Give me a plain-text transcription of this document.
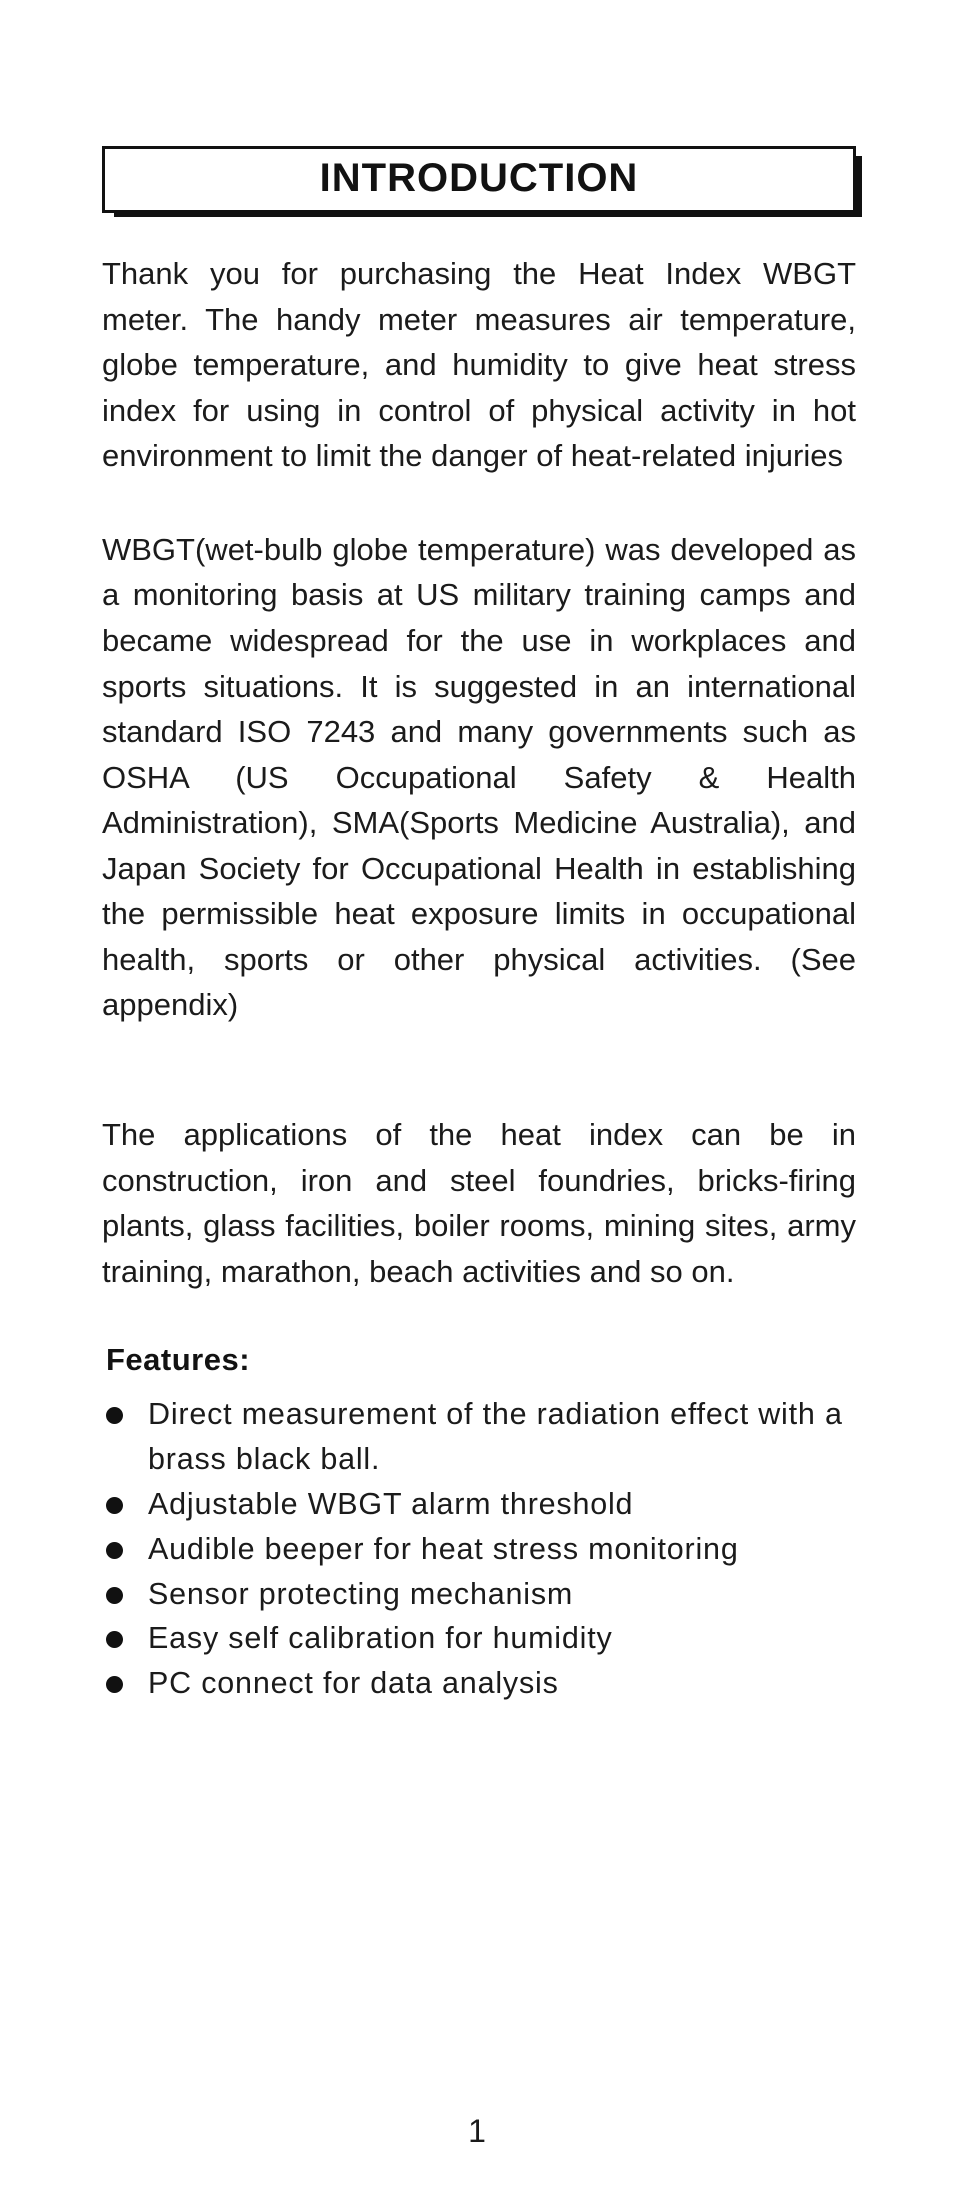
INTRODUCTION

Thank you for purchasing the Heat Index WBGT meter. The handy meter measures air temperature, globe temperature, and humidity to give heat stress index for using in control of physical activity in hot environment to limit the danger of heat-related injuries

WBGT(wet-bulb globe temperature) was developed as a monitoring basis at US military training camps and became widespread for the use in workplaces and sports situations. It is suggested in an international standard ISO 7243 and many governments such as OSHA (US Occupational Safety & Health Administration), SMA(Sports Medicine Australia), and Japan Society for Occupational Health in establishing the permissible heat exposure limits in occupational health, sports or other physical activities. (See appendix)

The applications of the heat index can be in construction, iron and steel foundries, bricks-firing plants, glass facilities, boiler rooms, mining sites, army training, marathon, beach activities and so on.

Features:
Direct measurement of the radiation effect with a brass black ball.
Adjustable WBGT alarm threshold
Audible beeper for heat stress monitoring
Sensor protecting mechanism
Easy self calibration for humidity
PC connect for data analysis
1
